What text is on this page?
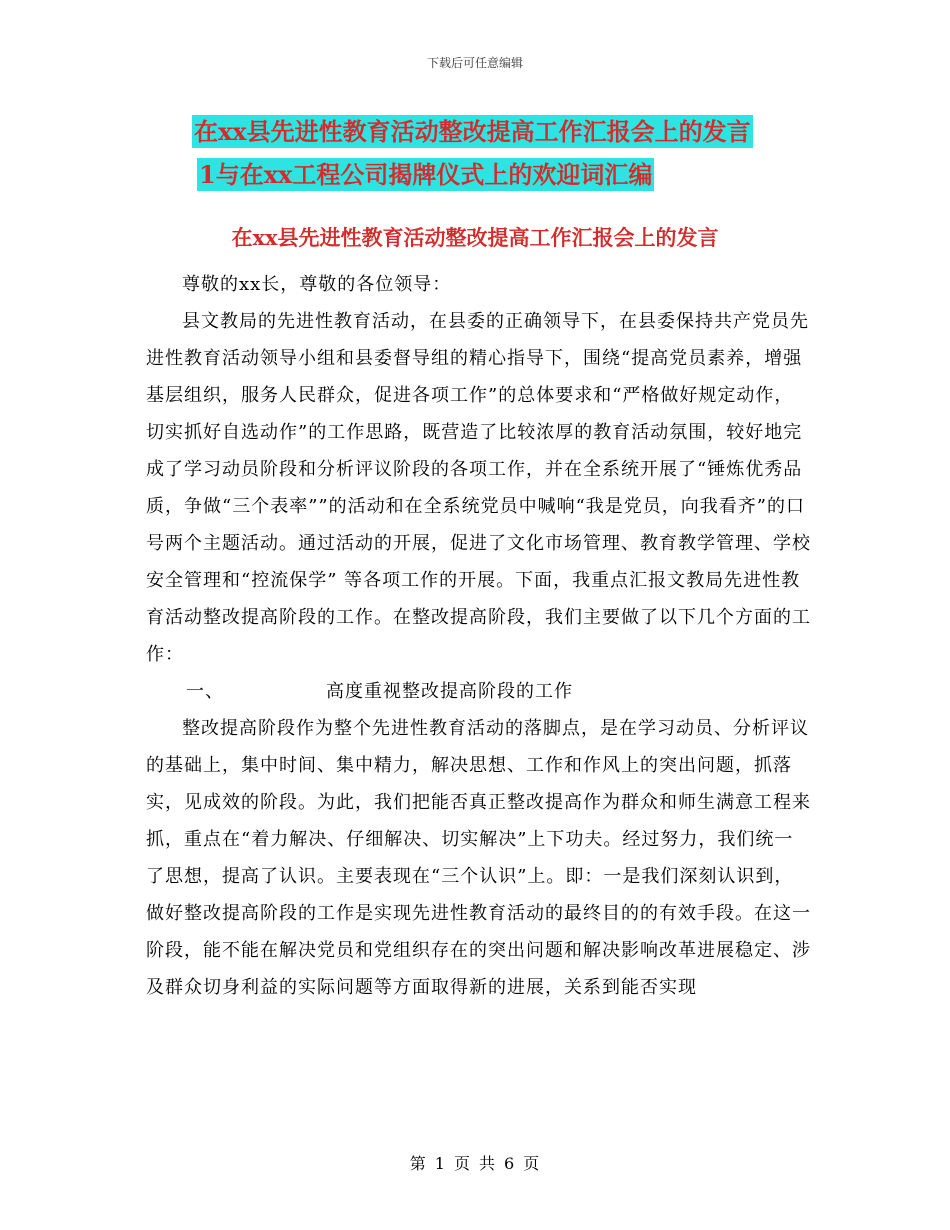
下载后可任意编辑
在xx县先进性教育活动整改提高工作汇报会上的发言
1与在xx工程公司揭牌仪式上的欢迎词汇编
在xx县先进性教育活动整改提高工作汇报会上的发言

尊敬的xx长，尊敬的各位领导：

县文教局的先进性教育活动，在县委的正确领导下，在县委保持共产党员先进性教育活动领导小组和县委督导组的精心指导下，围绕“提高党员素养，增强基层组织，服务人民群众，促进各项工作”的总体要求和“严格做好规定动作，切实抓好自选动作”的工作思路，既营造了比较浓厚的教育活动氛围，较好地完成了学习动员阶段和分析评议阶段的各项工作，并在全系统开展了“锤炼优秀品质，争做“三个表率””的活动和在全系统党员中喊响“我是党员，向我看齐”的口号两个主题活动。通过活动的开展，促进了文化市场管理、教育教学管理、学校安全管理和“控流保学” 等各项工作的开展。下面，我重点汇报文教局先进性教育活动整改提高阶段的工作。在整改提高阶段，我们主要做了以下几个方面的工作：

一、	高度重视整改提高阶段的工作

整改提高阶段作为整个先进性教育活动的落脚点，是在学习动员、分析评议的基础上，集中时间、集中精力，解决思想、工作和作风上的突出问题，抓落实，见成效的阶段。为此，我们把能否真正整改提高作为群众和师生满意工程来抓，重点在“着力解决、仔细解决、切实解决”上下功夫。经过努力，我们统一了思想，提高了认识。主要表现在“三个认识”上。即：一是我们深刻认识到，做好整改提高阶段的工作是实现先进性教育活动的最终目的的有效手段。在这一阶段，能不能在解决党员和党组织存在的突出问题和解决影响改革进展稳定、涉及群众切身利益的实际问题等方面取得新的进展，关系到能否实现

第 1 页 共 6 页
